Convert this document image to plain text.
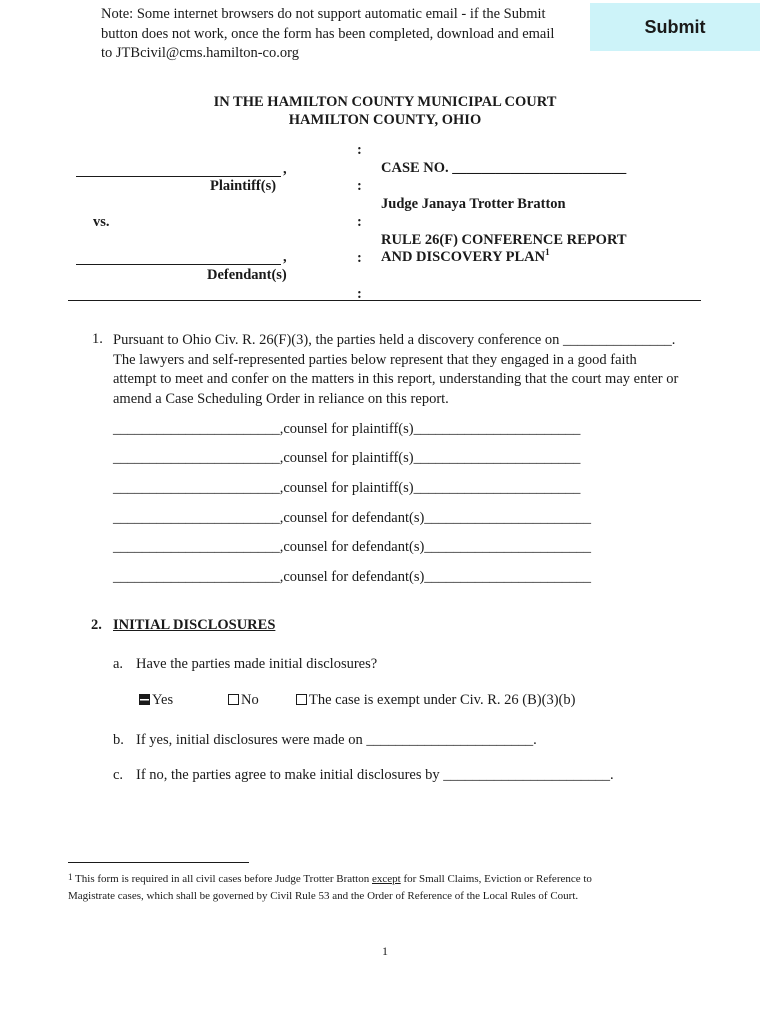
Note: Some internet browsers do not support automatic email - if the Submit
button does not work, once the form has been completed, download and email
to JTBcivil@cms.hamilton-co.org
Submit
IN THE HAMILTON COUNTY MUNICIPAL COURT
HAMILTON COUNTY, OHIO
,
Plaintiff(s)
vs.
,
Defendant(s)
:
:
:
:
:
CASE NO. ________________________
Judge Janaya Trotter Bratton
RULE 26(F) CONFERENCE REPORT
AND DISCOVERY PLAN$^1$
1. Pursuant to Ohio Civ. R. 26(F)(3), the parties held a discovery conference on _______________.
The lawyers and self-represented parties below represent that they engaged in a good faith
attempt to meet and confer on the matters in this report, understanding that the court may enter or
amend a Case Scheduling Order in reliance on this report.
_______________________,counsel for plaintiff(s)_______________________
_______________________,counsel for plaintiff(s)_______________________
_______________________,counsel for plaintiff(s)_______________________
_______________________,counsel for defendant(s)_______________________
_______________________,counsel for defendant(s)_______________________
_______________________,counsel for defendant(s)_______________________
2. INITIAL DISCLOSURES
a. Have the parties made initial disclosures?
Yes	No	The case is exempt under Civ. R. 26 (B)(3)(b)
b. If yes, initial disclosures were made on _______________________.
c. If no, the parties agree to make initial disclosures by _______________________.
$^1$ This form is required in all civil cases before Judge Trotter Bratton except for Small Claims, Eviction or Reference to
Magistrate cases, which shall be governed by Civil Rule 53 and the Order of Reference of the Local Rules of Court.
1
